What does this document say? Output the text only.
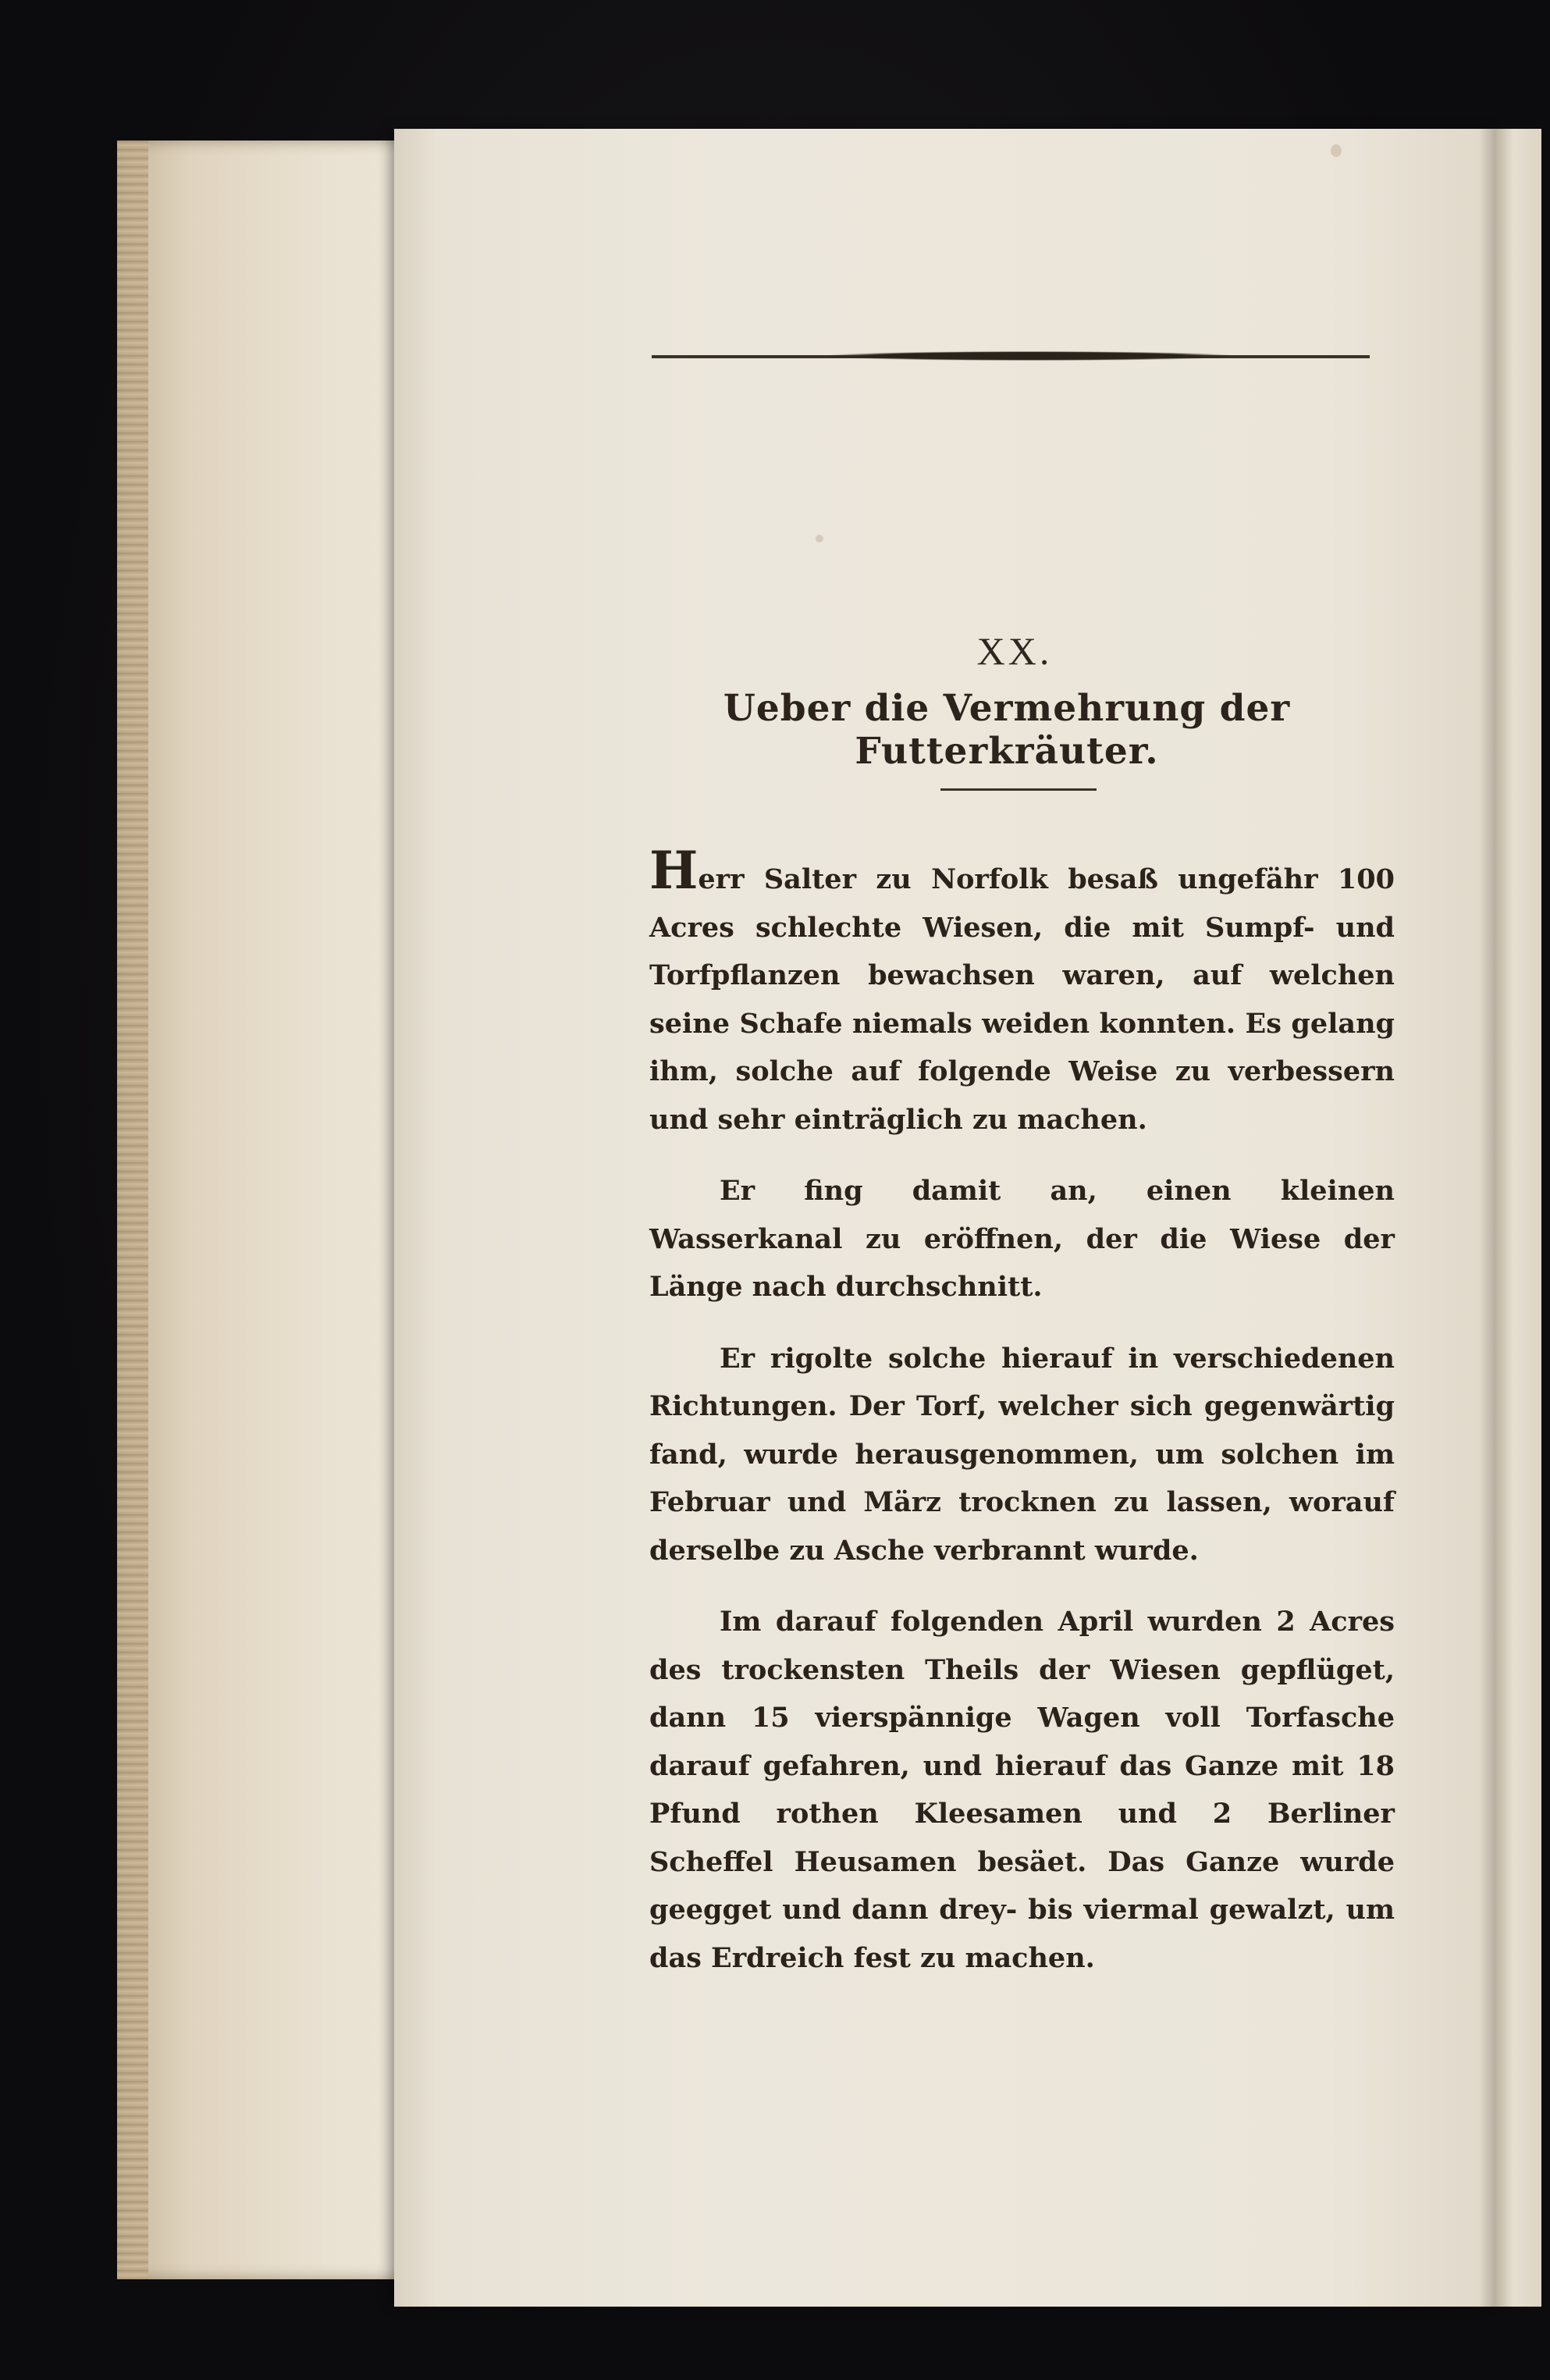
XX.
Ueber die Vermehrung der Futterkräuter.

Herr Salter zu Norfolk besaß ungefähr 100 Acres schlechte Wiesen, die mit Sumpf- und Torfpflanzen bewachsen waren, auf welchen seine Schafe niemals weiden konnten. Es gelang ihm, solche auf folgende Weise zu verbessern und sehr einträglich zu machen.

Er fing damit an, einen kleinen Wasserkanal zu eröffnen, der die Wiese der Länge nach durchschnitt.

Er rigolte solche hierauf in verschiedenen Richtungen. Der Torf, welcher sich gegenwärtig fand, wurde herausgenommen, um solchen im Februar und März trocknen zu lassen, worauf derselbe zu Asche verbrannt wurde.

Im darauf folgenden April wurden 2 Acres des trockensten Theils der Wiesen gepflüget, dann 15 vierspännige Wagen voll Torfasche darauf gefahren, und hierauf das Ganze mit 18 Pfund rothen Kleesamen und 2 Berliner Scheffel Heusamen besäet. Das Ganze wurde geegget und dann drey- bis viermal gewalzt, um das Erdreich fest zu machen.
